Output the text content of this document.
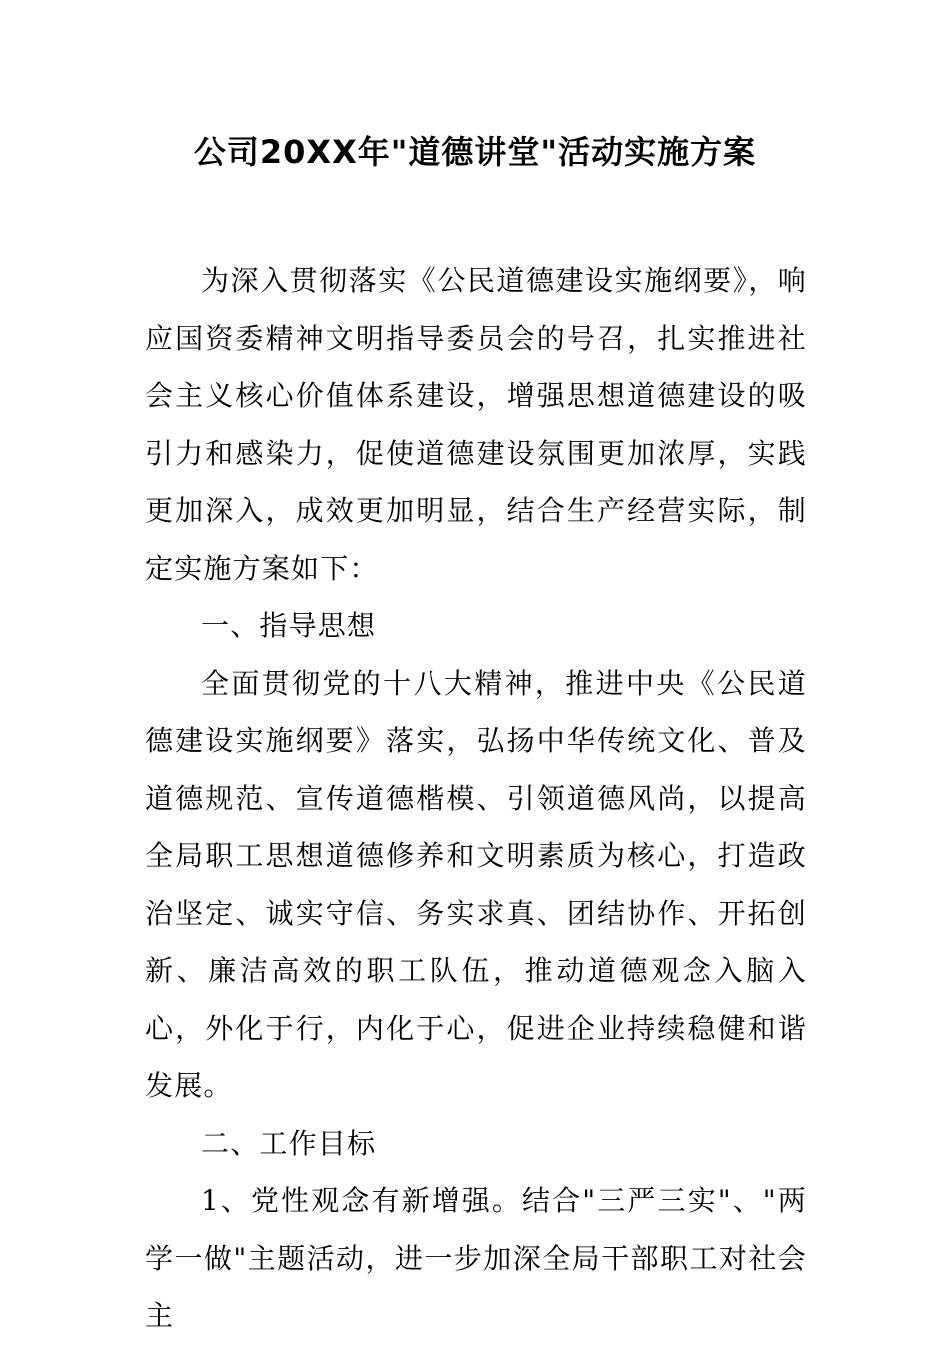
公司20XX年"道德讲堂"活动实施方案

为深入贯彻落实《公民道德建设实施纲要》，响应国资委精神文明指导委员会的号召，扎实推进社会主义核心价值体系建设，增强思想道德建设的吸引力和感染力，促使道德建设氛围更加浓厚，实践更加深入，成效更加明显，结合生产经营实际，制定实施方案如下：

一、指导思想

全面贯彻党的十八大精神，推进中央《公民道德建设实施纲要》落实，弘扬中华传统文化、普及道德规范、宣传道德楷模、引领道德风尚，以提高全局职工思想道德修养和文明素质为核心，打造政治坚定、诚实守信、务实求真、团结协作、开拓创新、廉洁高效的职工队伍，推动道德观念入脑入心，外化于行，内化于心，促进企业持续稳健和谐发展。

二、工作目标

1、党性观念有新增强。结合"三严三实"、"两学一做"主题活动，进一步加深全局干部职工对社会主
